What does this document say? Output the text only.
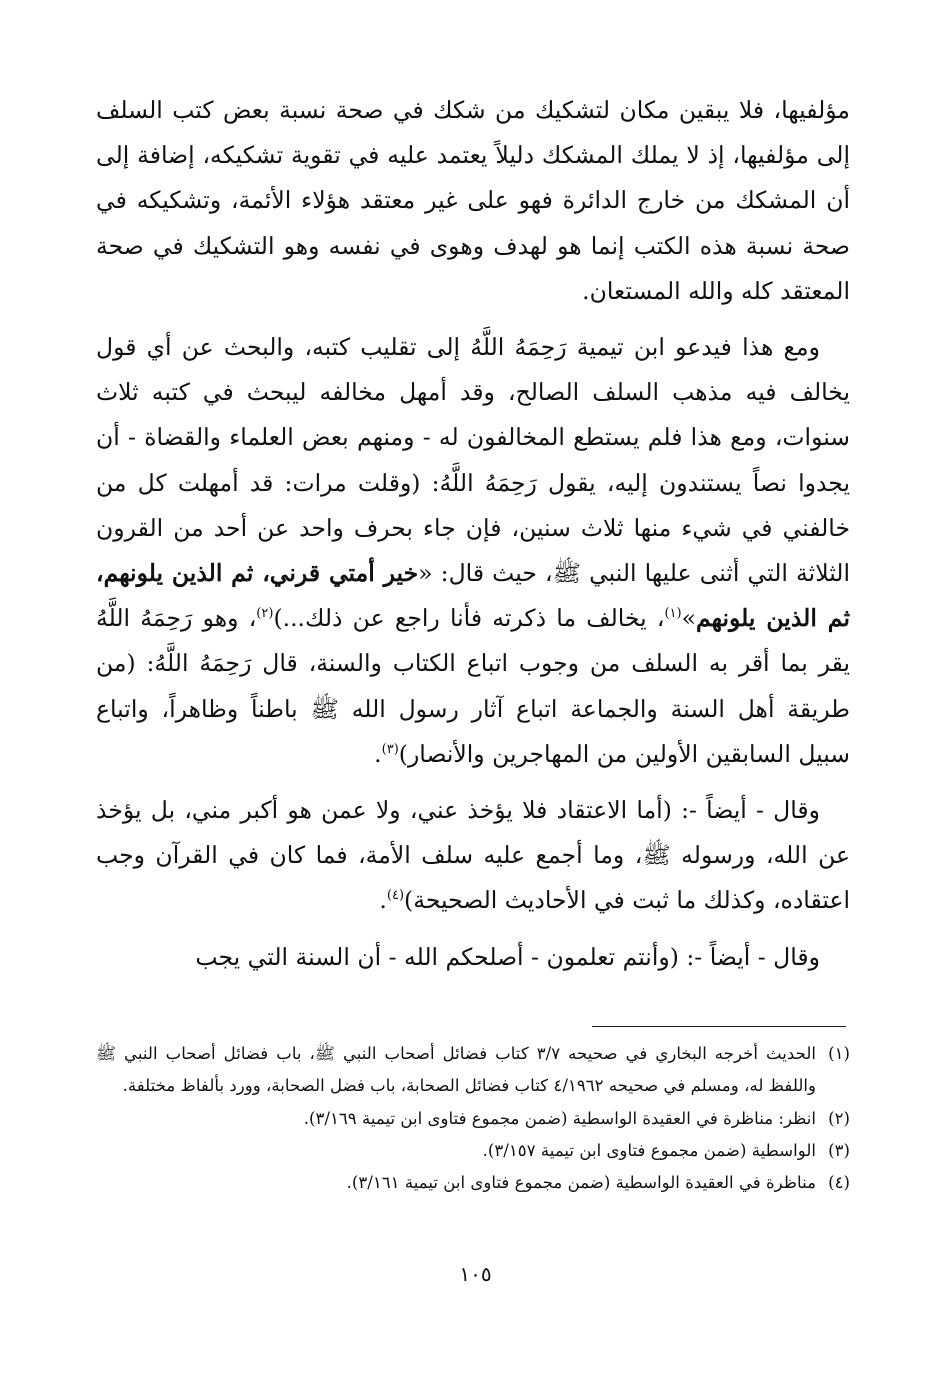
مؤلفيها، فلا يبقين مكان لتشكيك من شكك في صحة نسبة بعض كتب السلف إلى مؤلفيها، إذ لا يملك المشكك دليلاً يعتمد عليه في تقوية تشكيكه، إضافة إلى أن المشكك من خارج الدائرة فهو على غير معتقد هؤلاء الأئمة، وتشكيكه في صحة نسبة هذه الكتب إنما هو لهدف وهوى في نفسه وهو التشكيك في صحة المعتقد كله والله المستعان.

ومع هذا فيدعو ابن تيمية رَحِمَهُ اللَّهُ إلى تقليب كتبه، والبحث عن أي قول يخالف فيه مذهب السلف الصالح، وقد أمهل مخالفه ليبحث في كتبه ثلاث سنوات، ومع هذا فلم يستطع المخالفون له - ومنهم بعض العلماء والقضاة - أن يجدوا نصاً يستندون إليه، يقول رَحِمَهُ اللَّهُ: (وقلت مرات: قد أمهلت كل من خالفني في شيء منها ثلاث سنين، فإن جاء بحرف واحد عن أحد من القرون الثلاثة التي أثنى عليها النبي ﷺ، حيث قال: «خير أمتي قرني، ثم الذين يلونهم، ثم الذين يلونهم»$^{(١)}$، يخالف ما ذكرته فأنا راجع عن ذلك...)$^{(٢)}$، وهو رَحِمَهُ اللَّهُ يقر بما أقر به السلف من وجوب اتباع الكتاب والسنة، قال رَحِمَهُ اللَّهُ: (من طريقة أهل السنة والجماعة اتباع آثار رسول الله ﷺ باطناً وظاهراً، واتباع سبيل السابقين الأولين من المهاجرين والأنصار)$^{(٣)}$.

وقال - أيضاً -: (أما الاعتقاد فلا يؤخذ عني، ولا عمن هو أكبر مني، بل يؤخذ عن الله، ورسوله ﷺ، وما أجمع عليه سلف الأمة، فما كان في القرآن وجب اعتقاده، وكذلك ما ثبت في الأحاديث الصحيحة)$^{(٤)}$.

وقال - أيضاً -: (وأنتم تعلمون - أصلحكم الله - أن السنة التي يجب

(١)
الحديث أخرجه البخاري في صحيحه ٣/٧ كتاب فضائل أصحاب النبي ﷺ، باب فضائل أصحاب النبي ﷺ واللفظ له، ومسلم في صحيحه ٤/١٩٦٢ كتاب فضائل الصحابة، باب فضل الصحابة، وورد بألفاظ مختلفة.
(٢)
انظر: مناظرة في العقيدة الواسطية (ضمن مجموع فتاوى ابن تيمية ٣/١٦٩).
(٣)
الواسطية (ضمن مجموع فتاوى ابن تيمية ٣/١٥٧).
(٤)
مناظرة في العقيدة الواسطية (ضمن مجموع فتاوى ابن تيمية ٣/١٦١).
١٠٥
